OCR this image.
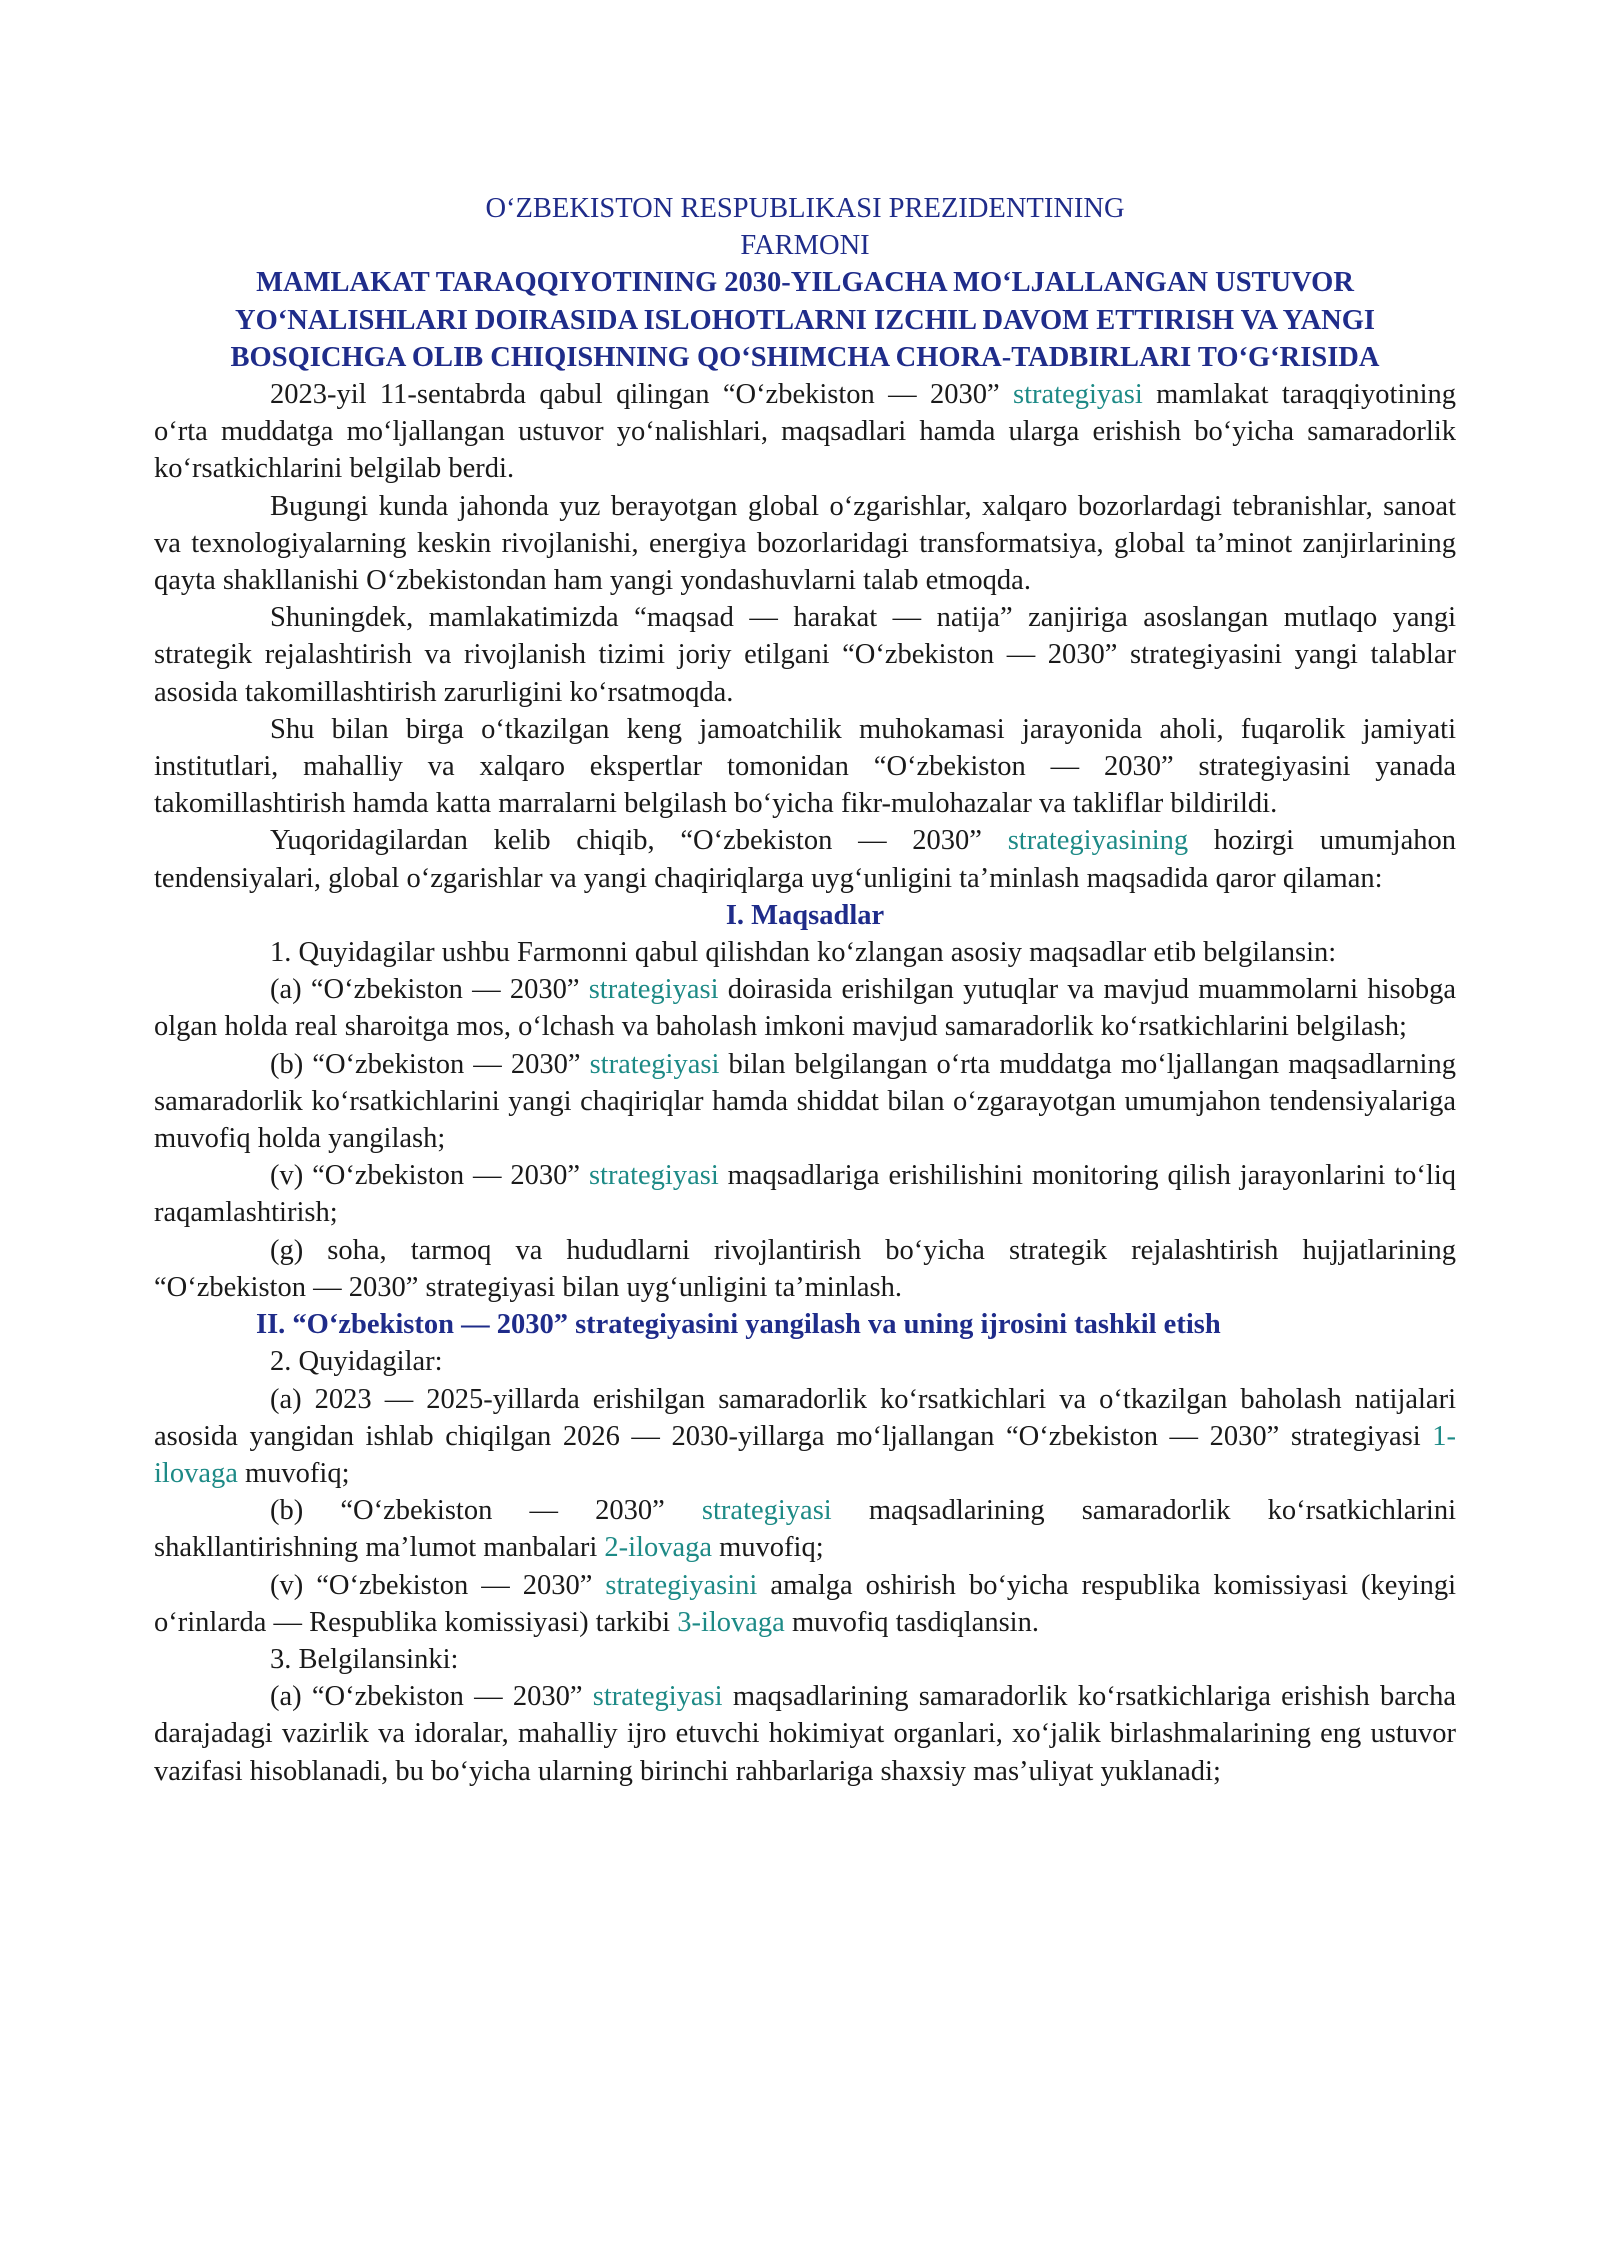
O‘ZBEKISTON RESPUBLIKASI PREZIDENTINING
FARMONI
MAMLAKAT TARAQQIYOTINING 2030-YILGACHA MO‘LJALLANGAN USTUVOR YO‘NALISHLARI DOIRASIDA ISLOHOTLARNI IZCHIL DAVOM ETTIRISH VA YANGI BOSQICHGA OLIB CHIQISHNING QO‘SHIMCHA CHORA-TADBIRLARI TO‘G‘RISIDA

2023-yil 11-sentabrda qabul qilingan “O‘zbekiston — 2030” strategiyasi mamlakat taraqqiyotining o‘rta muddatga mo‘ljallangan ustuvor yo‘nalishlari, maqsadlari hamda ularga erishish bo‘yicha samaradorlik ko‘rsatkichlarini belgilab berdi.

Bugungi kunda jahonda yuz berayotgan global o‘zgarishlar, xalqaro bozorlardagi tebranishlar, sanoat va texnologiyalarning keskin rivojlanishi, energiya bozorlaridagi transformatsiya, global ta’minot zanjirlarining qayta shakllanishi O‘zbekistondan ham yangi yondashuvlarni talab etmoqda.

Shuningdek, mamlakatimizda “maqsad — harakat — natija” zanjiriga asoslangan mutlaqo yangi strategik rejalashtirish va rivojlanish tizimi joriy etilgani “O‘zbekiston — 2030” strategiyasini yangi talablar asosida takomillashtirish zarurligini ko‘rsatmoqda.

Shu bilan birga o‘tkazilgan keng jamoatchilik muhokamasi jarayonida aholi, fuqarolik jamiyati institutlari, mahalliy va xalqaro ekspertlar tomonidan “O‘zbekiston — 2030” strategiyasini yanada takomillashtirish hamda katta marralarni belgilash bo‘yicha fikr-mulohazalar va takliflar bildirildi.

Yuqoridagilardan kelib chiqib, “O‘zbekiston — 2030” strategiyasining hozirgi umumjahon tendensiyalari, global o‘zgarishlar va yangi chaqiriqlarga uyg‘unligini ta’minlash maqsadida qaror qilaman:

I. Maqsadlar

1. Quyidagilar ushbu Farmonni qabul qilishdan ko‘zlangan asosiy maqsadlar etib belgilansin:

(a) “O‘zbekiston — 2030” strategiyasi doirasida erishilgan yutuqlar va mavjud muammolarni hisobga olgan holda real sharoitga mos, o‘lchash va baholash imkoni mavjud samaradorlik ko‘rsatkichlarini belgilash;

(b) “O‘zbekiston — 2030” strategiyasi bilan belgilangan o‘rta muddatga mo‘ljallangan maqsadlarning samaradorlik ko‘rsatkichlarini yangi chaqiriqlar hamda shiddat bilan o‘zgarayotgan umumjahon tendensiyalariga muvofiq holda yangilash;

(v) “O‘zbekiston — 2030” strategiyasi maqsadlariga erishilishini monitoring qilish jarayonlarini to‘liq raqamlashtirish;

(g) soha, tarmoq va hududlarni rivojlantirish bo‘yicha strategik rejalashtirish hujjatlarining “O‘zbekiston — 2030” strategiyasi bilan uyg‘unligini ta’minlash.

II. “O‘zbekiston — 2030” strategiyasini yangilash va uning ijrosini tashkil etish

2. Quyidagilar:

(a) 2023 — 2025-yillarda erishilgan samaradorlik ko‘rsatkichlari va o‘tkazilgan baholash natijalari asosida yangidan ishlab chiqilgan 2026 — 2030-yillarga mo‘ljallangan “O‘zbekiston — 2030” strategiyasi 1-ilovaga muvofiq;

(b) “O‘zbekiston — 2030” strategiyasi maqsadlarining samaradorlik ko‘rsatkichlarini shakllantirishning ma’lumot manbalari 2-ilovaga muvofiq;

(v) “O‘zbekiston — 2030” strategiyasini amalga oshirish bo‘yicha respublika komissiyasi (keyingi o‘rinlarda — Respublika komissiyasi) tarkibi 3-ilovaga muvofiq tasdiqlansin.

3. Belgilansinki:

(a) “O‘zbekiston — 2030” strategiyasi maqsadlarining samaradorlik ko‘rsatkichlariga erishish barcha darajadagi vazirlik va idoralar, mahalliy ijro etuvchi hokimiyat organlari, xo‘jalik birlashmalarining eng ustuvor vazifasi hisoblanadi, bu bo‘yicha ularning birinchi rahbarlariga shaxsiy mas’uliyat yuklanadi;
